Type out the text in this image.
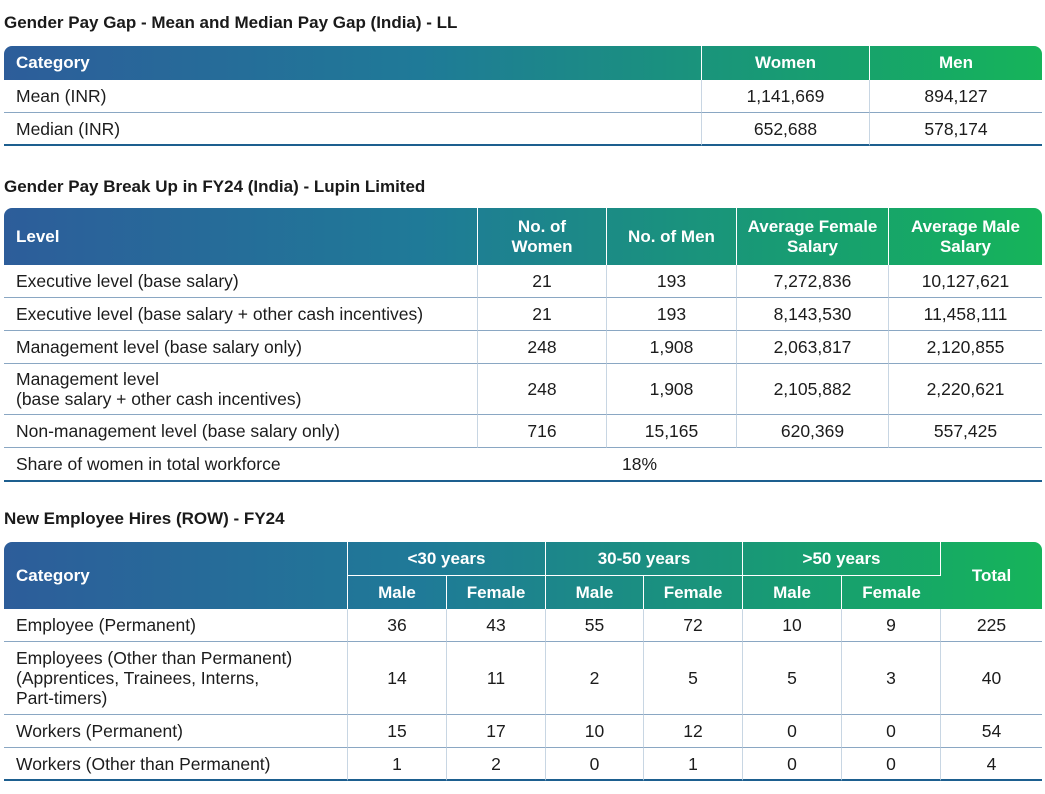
Gender Pay Gap - Mean and Median Pay Gap (India) - LL
Category	Women	Men
Mean (INR)	1,141,669	894,127
Median (INR)	652,688	578,174
Gender Pay Break Up in FY24 (India) - Lupin Limited
Level	No. of Women	No. of Men	Average Female Salary	Average Male Salary
Executive level (base salary)	21	193	7,272,836	10,127,621
Executive level (base salary + other cash incentives)	21	193	8,143,530	11,458,111
Management level (base salary only)	248	1,908	2,063,817	2,120,855
Management level
(base salary + other cash incentives)	248	1,908	2,105,882	2,220,621
Non-management level (base salary only)	716	15,165	620,369	557,425
Share of women in total workforce	18%			
New Employee Hires (ROW) - FY24
Category	<30 years		30-50 years		>50 years		Total
	Male	Female	Male	Female	Male	Female	
Employee (Permanent)	36	43	55	72	10	9	225
Employees (Other than Permanent)
(Apprentices, Trainees, Interns,
Part-timers)	14	11	2	5	5	3	40
Workers (Permanent)	15	17	10	12	0	0	54
Workers (Other than Permanent)	1	2	0	1	0	0	4
